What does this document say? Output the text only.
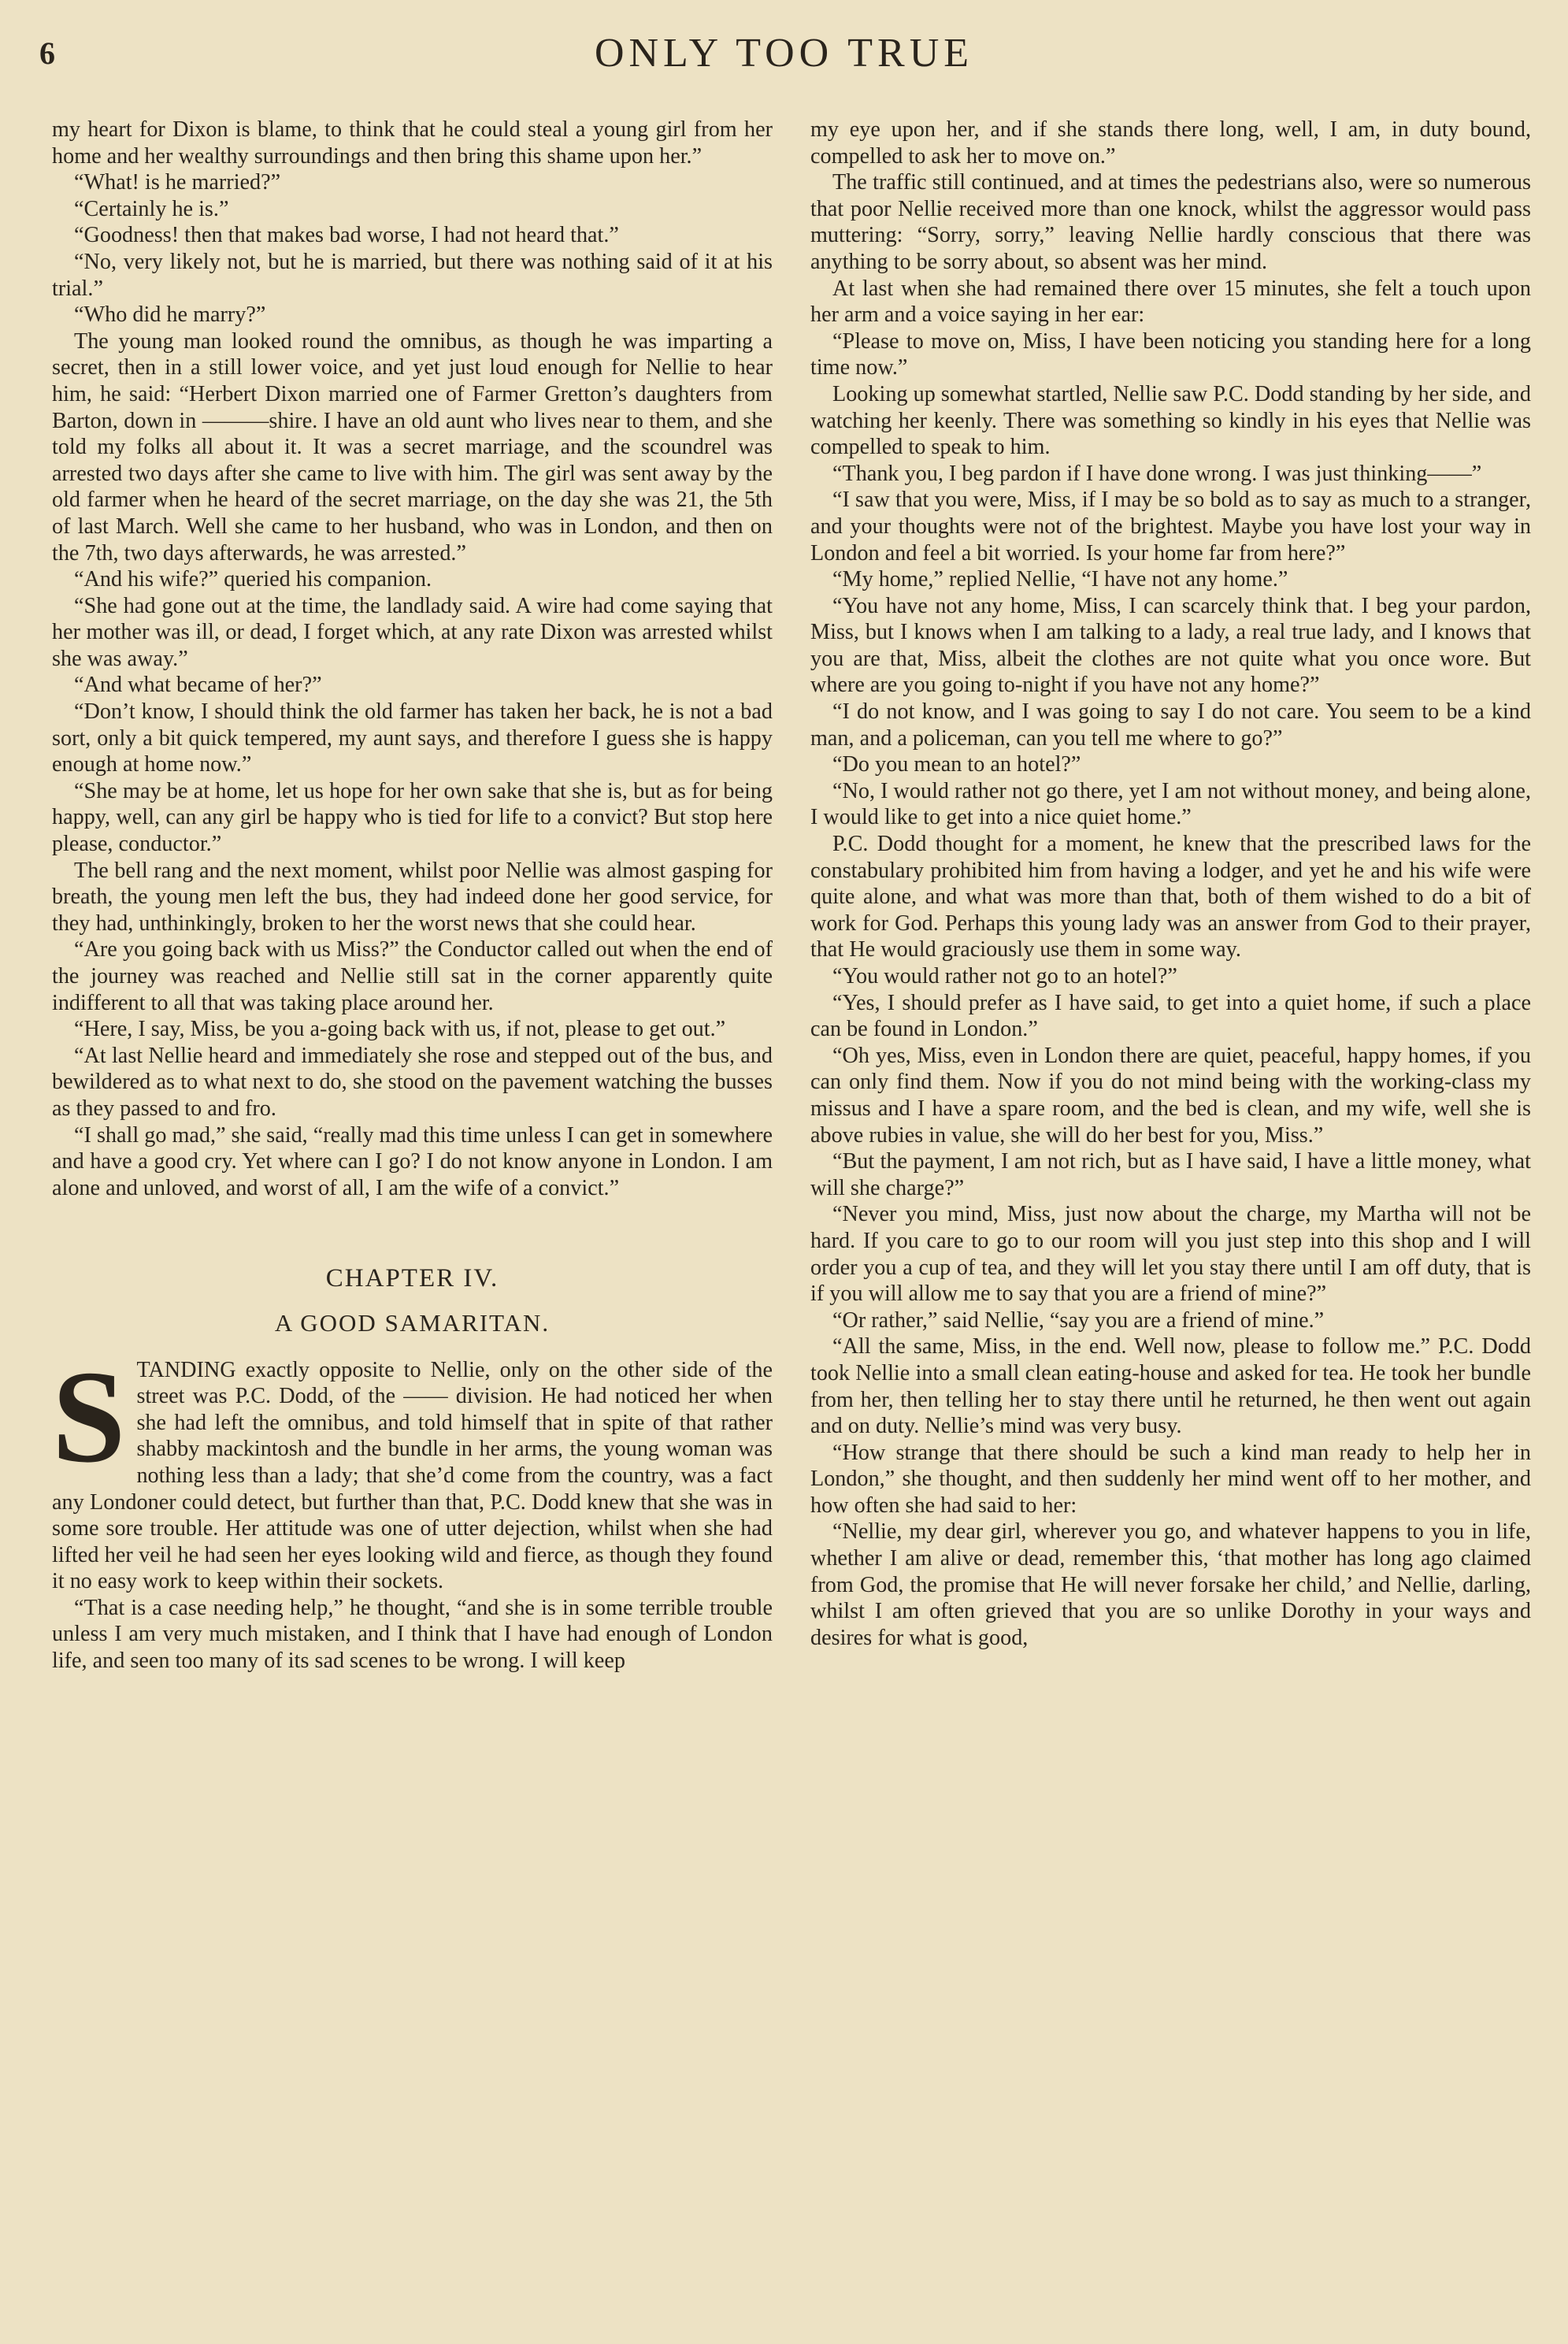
6	ONLY TOO TRUE

my heart for Dixon is blame, to think that he could steal a young girl from her home and her wealthy surroundings and then bring this shame upon her.”

“What! is he married?”

“Certainly he is.”

“Goodness! then that makes bad worse, I had not heard that.”

“No, very likely not, but he is married, but there was nothing said of it at his trial.”

“Who did he marry?”

The young man looked round the omnibus, as though he was imparting a secret, then in a still lower voice, and yet just loud enough for Nellie to hear him, he said: “Herbert Dixon married one of Farmer Gretton’s daughters from Barton, down in ———shire. I have an old aunt who lives near to them, and she told my folks all about it. It was a secret marriage, and the scoundrel was arrested two days after she came to live with him. The girl was sent away by the old farmer when he heard of the secret marriage, on the day she was 21, the 5th of last March. Well she came to her husband, who was in London, and then on the 7th, two days afterwards, he was arrested.”

“And his wife?” queried his companion.

“She had gone out at the time, the landlady said. A wire had come saying that her mother was ill, or dead, I forget which, at any rate Dixon was arrested whilst she was away.”

“And what became of her?”

“Don’t know, I should think the old farmer has taken her back, he is not a bad sort, only a bit quick tempered, my aunt says, and therefore I guess she is happy enough at home now.”

“She may be at home, let us hope for her own sake that she is, but as for being happy, well, can any girl be happy who is tied for life to a convict? But stop here please, conductor.”

The bell rang and the next moment, whilst poor Nellie was almost gasping for breath, the young men left the bus, they had indeed done her good service, for they had, unthinkingly, broken to her the worst news that she could hear.

“Are you going back with us Miss?” the Conductor called out when the end of the journey was reached and Nellie still sat in the corner apparently quite indifferent to all that was taking place around her.

“Here, I say, Miss, be you a-going back with us, if not, please to get out.”

“At last Nellie heard and immediately she rose and stepped out of the bus, and bewildered as to what next to do, she stood on the pavement watching the busses as they passed to and fro.

“I shall go mad,” she said, “really mad this time unless I can get in somewhere and have a good cry. Yet where can I go? I do not know anyone in London. I am alone and unloved, and worst of all, I am the wife of a convict.”

CHAPTER IV.

A GOOD SAMARITAN.

STANDING exactly opposite to Nellie, only on the other side of the street was P.C. Dodd, of the —— division. He had noticed her when she had left the omnibus, and told himself that in spite of that rather shabby mackintosh and the bundle in her arms, the young woman was nothing less than a lady; that she’d come from the country, was a fact any Londoner could detect, but further than that, P.C. Dodd knew that she was in some sore trouble. Her attitude was one of utter dejection, whilst when she had lifted her veil he had seen her eyes looking wild and fierce, as though they found it no easy work to keep within their sockets.

“That is a case needing help,” he thought, “and she is in some terrible trouble unless I am very much mistaken, and I think that I have had enough of London life, and seen too many of its sad scenes to be wrong. I will keep

my eye upon her, and if she stands there long, well, I am, in duty bound, compelled to ask her to move on.”

The traffic still continued, and at times the pedestrians also, were so numerous that poor Nellie received more than one knock, whilst the aggressor would pass muttering: “Sorry, sorry,” leaving Nellie hardly conscious that there was anything to be sorry about, so absent was her mind.

At last when she had remained there over 15 minutes, she felt a touch upon her arm and a voice saying in her ear:

“Please to move on, Miss, I have been noticing you standing here for a long time now.”

Looking up somewhat startled, Nellie saw P.C. Dodd standing by her side, and watching her keenly. There was something so kindly in his eyes that Nellie was compelled to speak to him.

“Thank you, I beg pardon if I have done wrong. I was just thinking——”

“I saw that you were, Miss, if I may be so bold as to say as much to a stranger, and your thoughts were not of the brightest. Maybe you have lost your way in London and feel a bit worried. Is your home far from here?”

“My home,” replied Nellie, “I have not any home.”

“You have not any home, Miss, I can scarcely think that. I beg your pardon, Miss, but I knows when I am talking to a lady, a real true lady, and I knows that you are that, Miss, albeit the clothes are not quite what you once wore. But where are you going to-night if you have not any home?”

“I do not know, and I was going to say I do not care. You seem to be a kind man, and a policeman, can you tell me where to go?”

“Do you mean to an hotel?”

“No, I would rather not go there, yet I am not without money, and being alone, I would like to get into a nice quiet home.”

P.C. Dodd thought for a moment, he knew that the prescribed laws for the constabulary prohibited him from having a lodger, and yet he and his wife were quite alone, and what was more than that, both of them wished to do a bit of work for God. Perhaps this young lady was an answer from God to their prayer, that He would graciously use them in some way.

“You would rather not go to an hotel?”

“Yes, I should prefer as I have said, to get into a quiet home, if such a place can be found in London.”

“Oh yes, Miss, even in London there are quiet, peaceful, happy homes, if you can only find them. Now if you do not mind being with the working-class my missus and I have a spare room, and the bed is clean, and my wife, well she is above rubies in value, she will do her best for you, Miss.”

“But the payment, I am not rich, but as I have said, I have a little money, what will she charge?”

“Never you mind, Miss, just now about the charge, my Martha will not be hard. If you care to go to our room will you just step into this shop and I will order you a cup of tea, and they will let you stay there until I am off duty, that is if you will allow me to say that you are a friend of mine?”

“Or rather,” said Nellie, “say you are a friend of mine.”

“All the same, Miss, in the end. Well now, please to follow me.” P.C. Dodd took Nellie into a small clean eating-house and asked for tea. He took her bundle from her, then telling her to stay there until he returned, he then went out again and on duty. Nellie’s mind was very busy.

“How strange that there should be such a kind man ready to help her in London,” she thought, and then suddenly her mind went off to her mother, and how often she had said to her:

“Nellie, my dear girl, wherever you go, and whatever happens to you in life, whether I am alive or dead, remember this, ‘that mother has long ago claimed from God, the promise that He will never forsake her child,’ and Nellie, darling, whilst I am often grieved that you are so unlike Dorothy in your ways and desires for what is good,
